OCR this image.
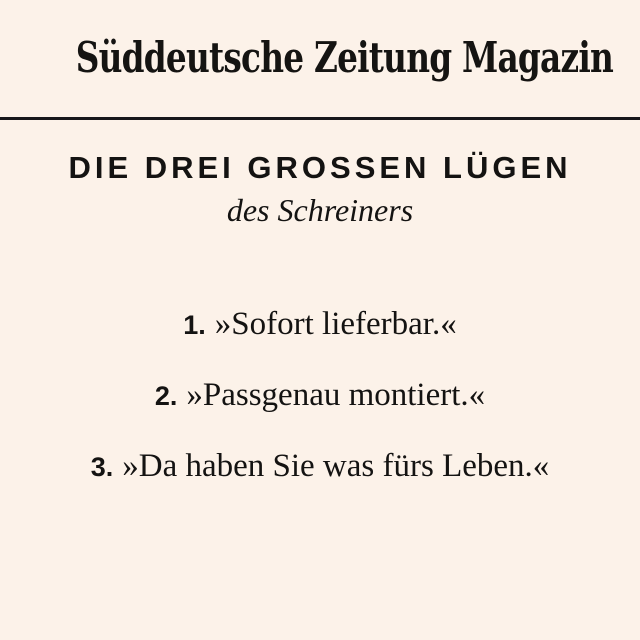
Süddeutsche Zeitung Magazin
DIE DREI GROSSEN LÜGEN
des Schreiners
1. »Sofort lieferbar.«
2. »Passgenau montiert.«
3. »Da haben Sie was fürs Leben.«
